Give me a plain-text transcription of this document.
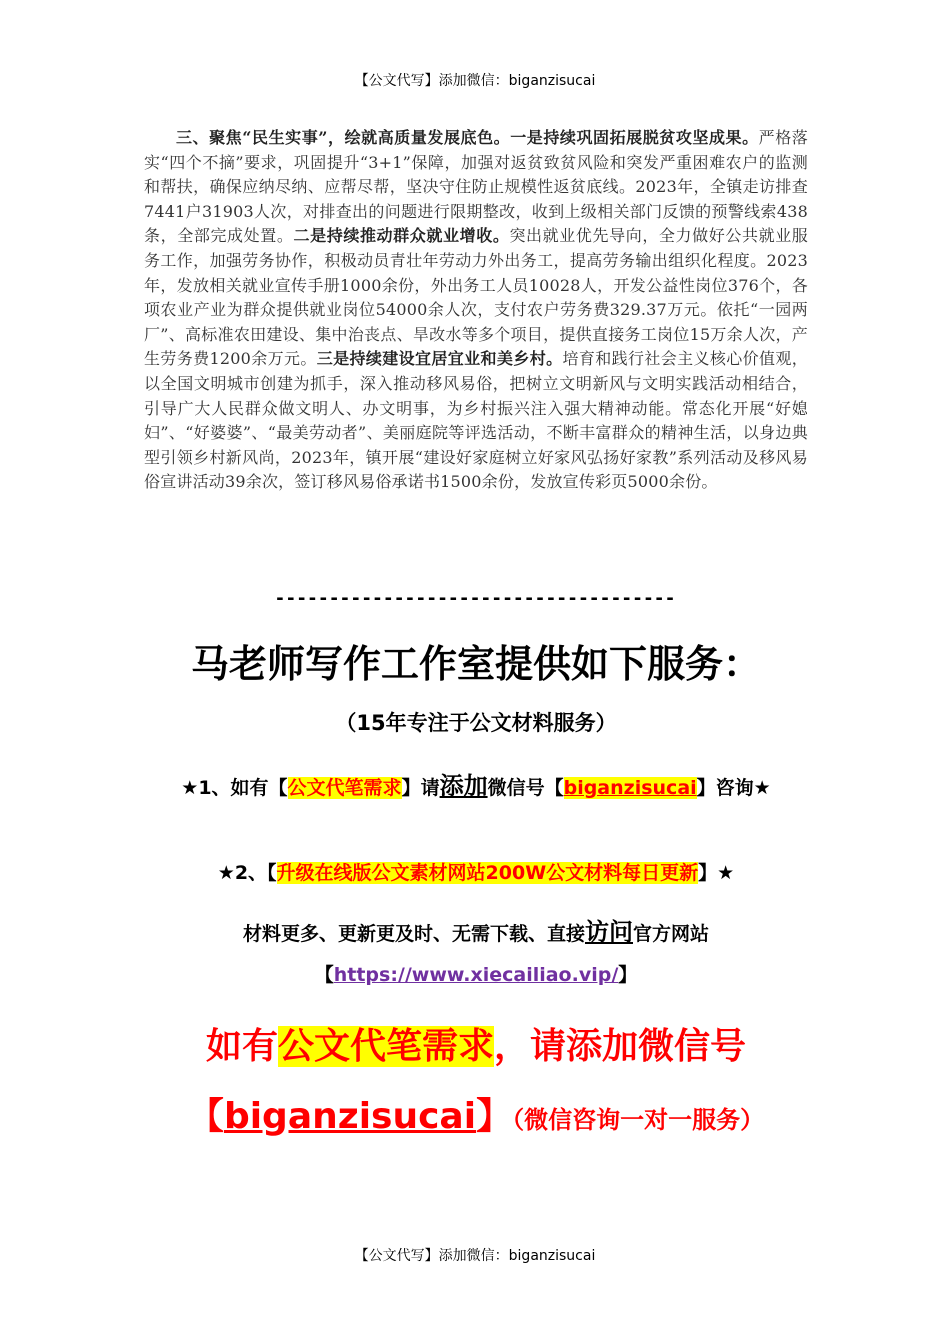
【公文代写】添加微信：biganzisucai

三、聚焦“民生实事”，绘就高质量发展底色。一是持续巩固拓展脱贫攻坚成果。严格落实“四个不摘”要求，巩固提升“3+1”保障，加强对返贫致贫风险和突发严重困难农户的监测和帮扶，确保应纳尽纳、应帮尽帮，坚决守住防止规模性返贫底线。2023年，全镇走访排查7441户31903人次，对排查出的问题进行限期整改，收到上级相关部门反馈的预警线索438条，全部完成处置。二是持续推动群众就业增收。突出就业优先导向，全力做好公共就业服务工作，加强劳务协作，积极动员青壮年劳动力外出务工，提高劳务输出组织化程度。2023年，发放相关就业宣传手册1000余份，外出务工人员10028人，开发公益性岗位376个，各项农业产业为群众提供就业岗位54000余人次，支付农户劳务费329.37万元。依托“一园两厂”、高标准农田建设、集中治丧点、旱改水等多个项目，提供直接务工岗位15万余人次，产生劳务费1200余万元。三是持续建设宜居宜业和美乡村。培育和践行社会主义核心价值观，以全国文明城市创建为抓手，深入推动移风易俗，把树立文明新风与文明实践活动相结合，引导广大人民群众做文明人、办文明事，为乡村振兴注入强大精神动能。常态化开展“好媳妇”、“好婆婆”、“最美劳动者”、美丽庭院等评选活动，不断丰富群众的精神生活，以身边典型引领乡村新风尚，2023年，镇开展“建设好家庭树立好家风弘扬好家教”系列活动及移风易俗宣讲活动39余次，签订移风易俗承诺书1500余份，发放宣传彩页5000余份。

-------------------------------------
马老师写作工作室提供如下服务：
（15年专注于公文材料服务）
★1、如有【公文代笔需求】请添加微信号【biganzisucai】咨询★
★2、【升级在线版公文素材网站200W公文材料每日更新】★
材料更多、更新更及时、无需下载、直接访问官方网站
【https://www.xiecailiao.vip/】
如有公文代笔需求，请添加微信号
【biganzisucai】（微信咨询一对一服务）
【公文代写】添加微信：biganzisucai
